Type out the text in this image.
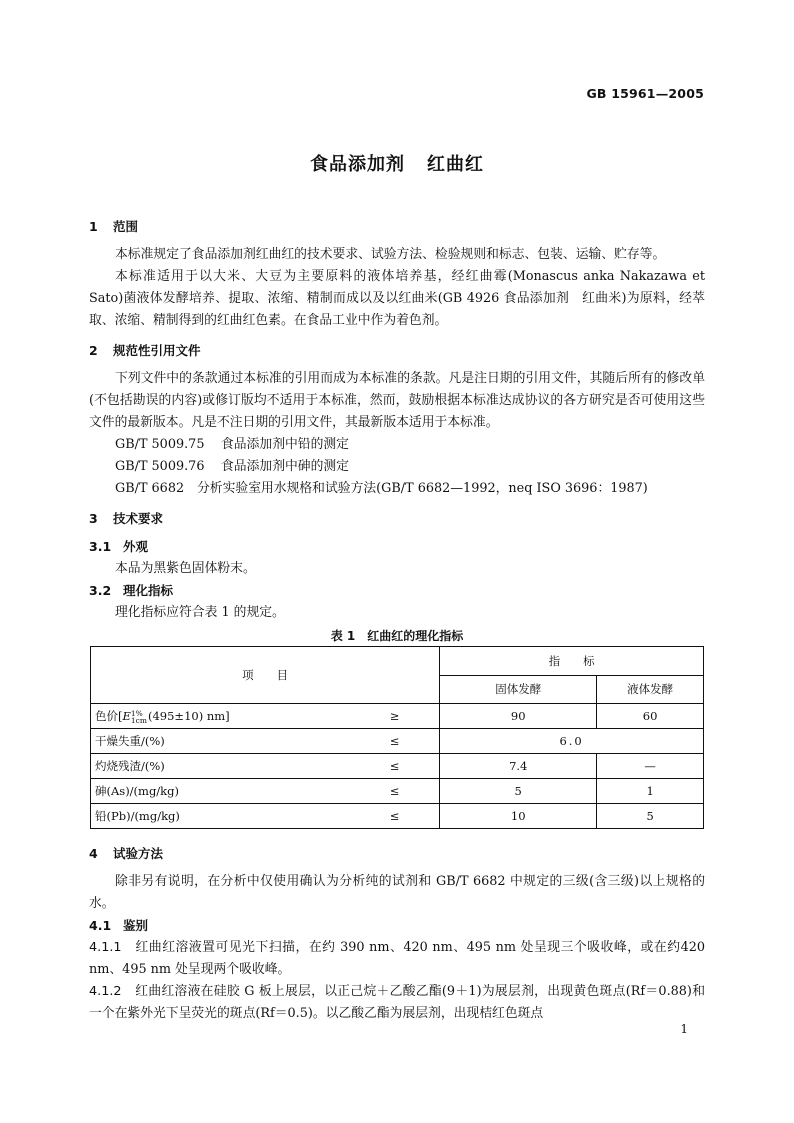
GB 15961—2005
食品添加剂 红曲红

1 范围

本标准规定了食品添加剂红曲红的技术要求、试验方法、检验规则和标志、包装、运输、贮存等。

本标准适用于以大米、大豆为主要原料的液体培养基，经红曲霉(Monascus anka Nakazawa et Sato)菌液体发酵培养、提取、浓缩、精制而成以及以红曲米(GB 4926 食品添加剂　红曲米)为原料，经萃取、浓缩、精制得到的红曲红色素。在食品工业中作为着色剂。

2 规范性引用文件

下列文件中的条款通过本标准的引用而成为本标准的条款。凡是注日期的引用文件，其随后所有的修改单(不包括勘误的内容)或修订版均不适用于本标准，然而，鼓励根据本标准达成协议的各方研究是否可使用这些文件的最新版本。凡是不注日期的引用文件，其最新版本适用于本标准。

GB/T 5009.75 食品添加剂中铅的测定

GB/T 5009.76 食品添加剂中砷的测定

GB/T 6682 分析实验室用水规格和试验方法(GB/T 6682—1992，neq ISO 3696：1987)

3 技术要求

3.1 外观

本品为黑紫色固体粉末。

3.2 理化指标

理化指标应符合表 1 的规定。

表 1　红曲红的理化指标

项　　目		指　　标	
		固体发酵	液体发酵
色价[E 1%
1cm (495±10) nm]	≥	90	60
干燥失重/(%)	≤	6.0	
灼烧残渣/(%)	≤	7.4	—
砷(As)/(mg/kg)	≤	5	1
铅(Pb)/(mg/kg)	≤	10	5

4 试验方法

除非另有说明，在分析中仅使用确认为分析纯的试剂和 GB/T 6682 中规定的三级(含三级)以上规格的水。

4.1 鉴别

4.1.1 红曲红溶液置可见光下扫描，在约 390 nm、420 nm、495 nm 处呈现三个吸收峰，或在约420 nm、495 nm 处呈现两个吸收峰。

4.1.2 红曲红溶液在硅胶 G 板上展层，以正己烷＋乙酸乙酯(9＋1)为展层剂，出现黄色斑点(Rf＝0.88)和一个在紫外光下呈荧光的斑点(Rf＝0.5)。以乙酸乙酯为展层剂，出现桔红色斑点

1
